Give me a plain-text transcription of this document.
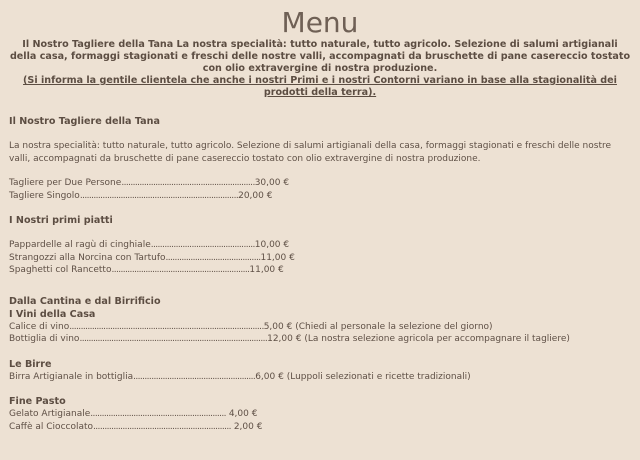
Menu
Il Nostro Tagliere della Tana La nostra specialità: tutto naturale, tutto agricolo. Selezione di salumi artigianali della casa, formaggi stagionati e freschi delle nostre valli, accompagnati da bruschette di pane casereccio tostato con olio extravergine di nostra produzione.
(Si informa la gentile clientela che anche i nostri Primi e i nostri Contorni variano in base alla stagionalità dei prodotti della terra).
Il Nostro Tagliere della Tana

La nostra specialità: tutto naturale, tutto agricolo. Selezione di salumi artigianali della casa, formaggi stagionati e freschi delle nostre valli, accompagnati da bruschette di pane casereccio tostato con olio extravergine di nostra produzione.

Tagliere per Due Persone...........................................................30,00 €
Tagliere Singolo......................................................................20,00 €
I Nostri primi piatti
Pappardelle al ragù di cinghiale..............................................10,00 €
Strangozzi alla Norcina con Tartufo..........................................11,00 €
Spaghetti col Rancetto.............................................................11,00 €
Dalla Cantina e dal Birrificio
I Vini della Casa
Calice di vino......................................................................................5,00 € (Chiedi al personale la selezione del giorno)
Bottiglia di vino...................................................................................12,00 € (La nostra selezione agricola per accompagnare il tagliere)
Le Birre
Birra Artigianale in bottiglia......................................................6,00 € (Luppoli selezionati e ricette tradizionali)
Fine Pasto
Gelato Artigianale............................................................ 4,00 €
Caffè al Cioccolato............................................................. 2,00 €
